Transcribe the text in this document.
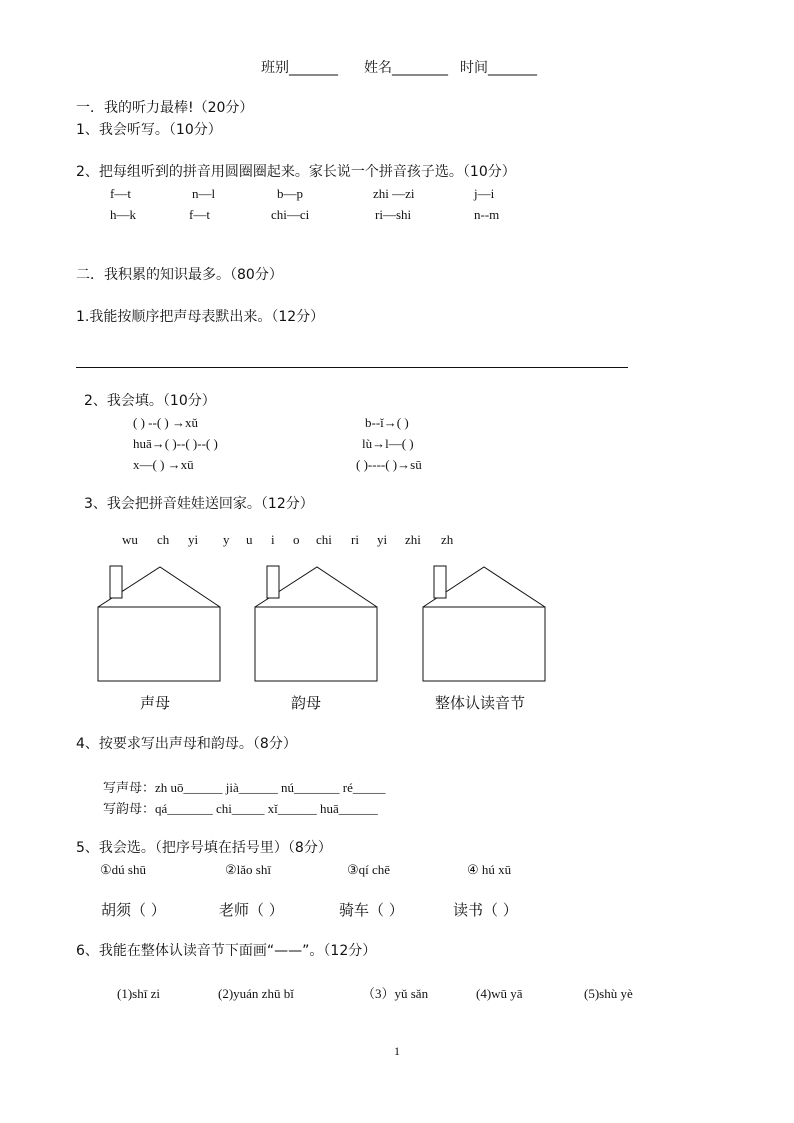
班别_______ 姓名________ 时间_______
一．我的听力最棒!（20分）
1、我会听写。（10分）
2、把每组听到的拼音用圆圈圈起来。家长说一个拼音孩子选。（10分）
f—t	n—l	b—p	zhi —zi	j—i
h—k	f—t	chi—ci	ri—shi	n--m
二．我积累的知识最多。（80分）
1.我能按顺序把声母表默出来。（12分）
2、我会填。（10分）
( ) --( ) →xǔ
huā→( )--( )--( )
x—( ) →xū
b--ǐ→( )
lù→l—( )
( )----( )→sū
3、我会把拼音娃娃送回家。（12分）
wu ch yi y u i o chi ri yi zhi zh
声母	韵母	整体认读音节
4、按要求写出声母和韵母。（8分）
写声母：zh uō______ jià______ nú_______ ré_____
写韵母：qá_______ chi_____ xǐ______ huā______
5、我会选。（把序号填在括号里）（8分）
①dú shū	②lǎo shī	③qí chē	④ hú xū
胡须（ ）	老师（ ）	骑车（ ）	读书（ ）
6、我能在整体认读音节下面画“——”。（12分）
(1)shī zi	(2)yuán zhū bǐ	（3）yǔ sǎn	(4)wū yā	(5)shù yè
1
